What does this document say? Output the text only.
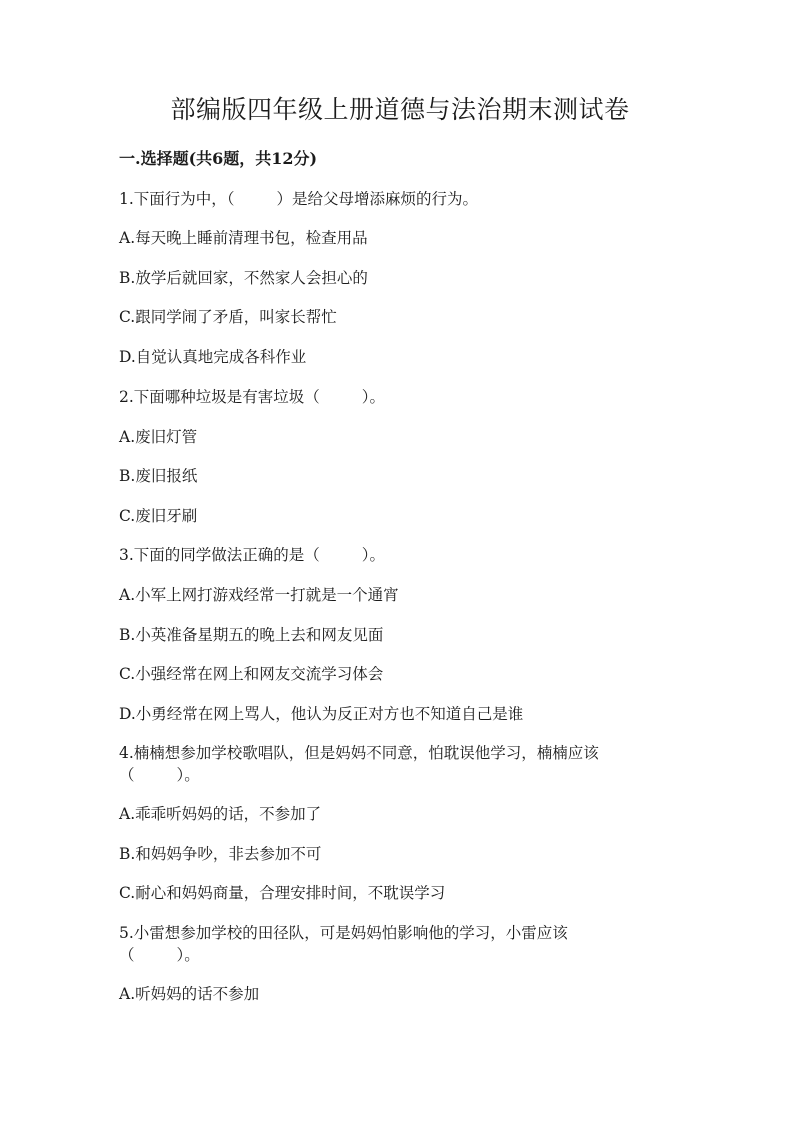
部编版四年级上册道德与法治期末测试卷

一.选择题(共6题，共12分)

1.下面行为中，（	）是给父母增添麻烦的行为。

A.每天晚上睡前清理书包，检查用品

B.放学后就回家，不然家人会担心的

C.跟同学闹了矛盾，叫家长帮忙

D.自觉认真地完成各科作业

2.下面哪种垃圾是有害垃圾（	）。

A.废旧灯管

B.废旧报纸

C.废旧牙刷

3.下面的同学做法正确的是（	）。

A.小军上网打游戏经常一打就是一个通宵

B.小英准备星期五的晚上去和网友见面

C.小强经常在网上和网友交流学习体会

D.小勇经常在网上骂人，他认为反正对方也不知道自己是谁

4.楠楠想参加学校歌唱队，但是妈妈不同意，怕耽误他学习，楠楠应该

（	）。

A.乖乖听妈妈的话，不参加了

B.和妈妈争吵，非去参加不可

C.耐心和妈妈商量，合理安排时间，不耽误学习

5.小雷想参加学校的田径队，可是妈妈怕影响他的学习，小雷应该

（	）。

A.听妈妈的话不参加
